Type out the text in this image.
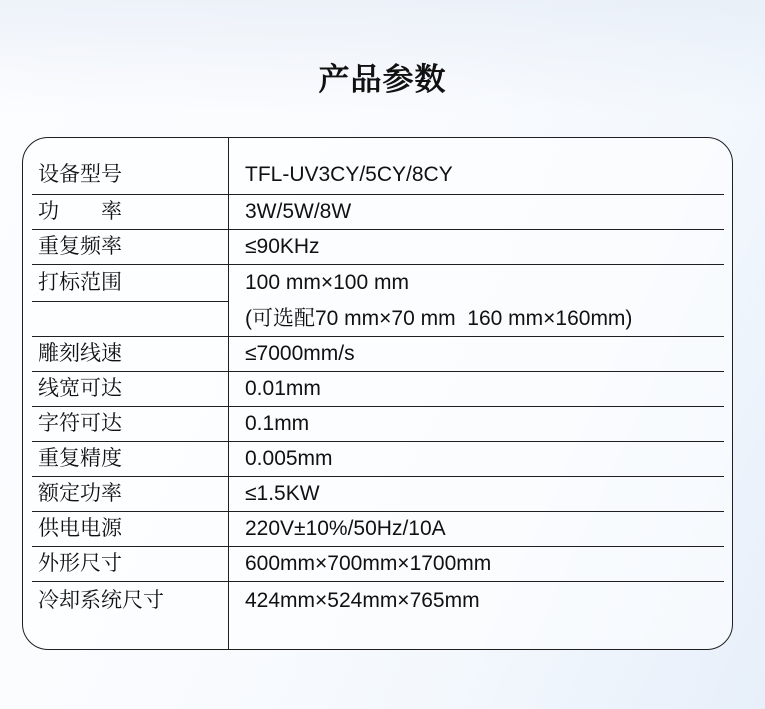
产品参数
设备型号	TFL-UV3CY/5CY/8CY
功　　率	3W/5W/8W
重复频率	≤90KHz
打标范围	100 mm×100 mm
(可选配70 mm×70 mm  160 mm×160mm)
雕刻线速	≤7000mm/s
线宽可达	0.01mm
字符可达	0.1mm
重复精度	0.005mm
额定功率	≤1.5KW
供电电源	220V±10%/50Hz/10A
外形尺寸	600mm×700mm×1700mm
冷却系统尺寸	424mm×524mm×765mm
